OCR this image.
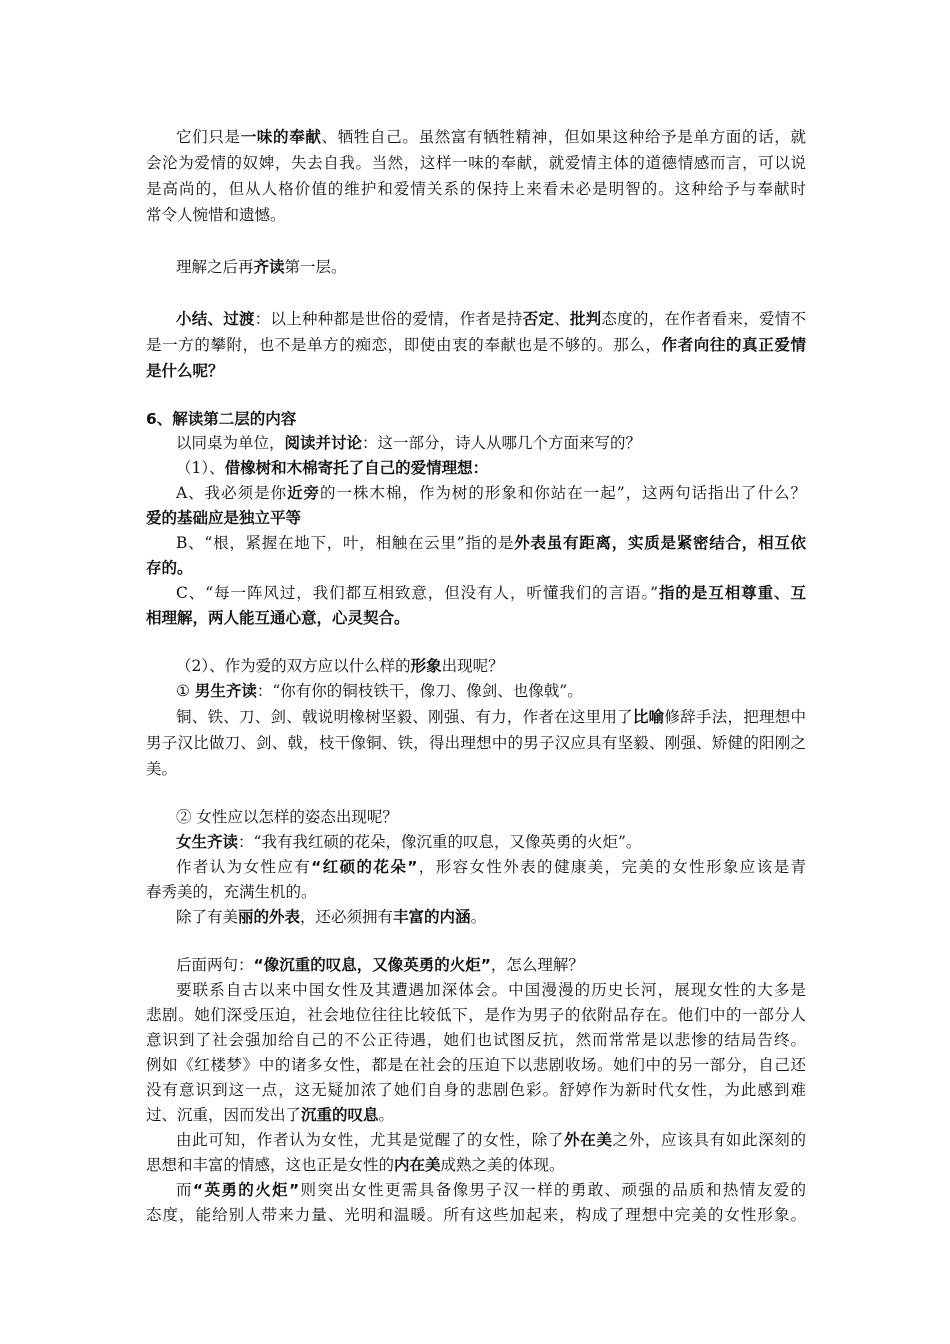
它们只是一味的奉献、牺牲自己。虽然富有牺牲精神，但如果这种给予是单方面的话，就
会沦为爱情的奴婢，失去自我。当然，这样一味的奉献，就爱情主体的道德情感而言，可以说
是高尚的，但从人格价值的维护和爱情关系的保持上来看未必是明智的。这种给予与奉献时
常令人惋惜和遗憾。
理解之后再齐读第一层。
小结、过渡：以上种种都是世俗的爱情，作者是持否定、批判态度的，在作者看来，爱情不
是一方的攀附，也不是单方的痴恋，即使由衷的奉献也是不够的。那么，作者向往的真正爱情
是什么呢？
6、解读第二层的内容
以同桌为单位，阅读并讨论：这一部分，诗人从哪几个方面来写的？
（1）、借橡树和木棉寄托了自己的爱情理想：
A、我必须是你近旁的一株木棉，作为树的形象和你站在一起”，这两句话指出了什么？
爱的基础应是独立平等
B、“根，紧握在地下，叶，相触在云里”指的是外表虽有距离，实质是紧密结合，相互依
存的。
C、“每一阵风过，我们都互相致意，但没有人，听懂我们的言语。”指的是互相尊重、互
相理解，两人能互通心意，心灵契合。
（2）、作为爱的双方应以什么样的形象出现呢？
① 男生齐读：“你有你的铜枝铁干，像刀、像剑、也像戟”。
铜、铁、刀、剑、戟说明橡树坚毅、刚强、有力，作者在这里用了比喻修辞手法，把理想中
男子汉比做刀、剑、戟，枝干像铜、铁，得出理想中的男子汉应具有坚毅、刚强、矫健的阳刚之
美。
② 女性应以怎样的姿态出现呢？
女生齐读：“我有我红硕的花朵，像沉重的叹息，又像英勇的火炬”。
作者认为女性应有“红硕的花朵”，形容女性外表的健康美，完美的女性形象应该是青
春秀美的，充满生机的。
除了有美丽的外表，还必须拥有丰富的内涵。
后面两句：“像沉重的叹息，又像英勇的火炬”，怎么理解？
要联系自古以来中国女性及其遭遇加深体会。中国漫漫的历史长河，展现女性的大多是
悲剧。她们深受压迫，社会地位往往比较低下，是作为男子的依附品存在。他们中的一部分人
意识到了社会强加给自己的不公正待遇，她们也试图反抗，然而常常是以悲惨的结局告终。
例如《红楼梦》中的诸多女性，都是在社会的压迫下以悲剧收场。她们中的另一部分，自己还
没有意识到这一点，这无疑加浓了她们自身的悲剧色彩。舒婷作为新时代女性，为此感到难
过、沉重，因而发出了沉重的叹息。
由此可知，作者认为女性，尤其是觉醒了的女性，除了外在美之外，应该具有如此深刻的
思想和丰富的情感，这也正是女性的内在美成熟之美的体现。
而“英勇的火炬”则突出女性更需具备像男子汉一样的勇敢、顽强的品质和热情友爱的
态度，能给别人带来力量、光明和温暖。所有这些加起来，构成了理想中完美的女性形象。
